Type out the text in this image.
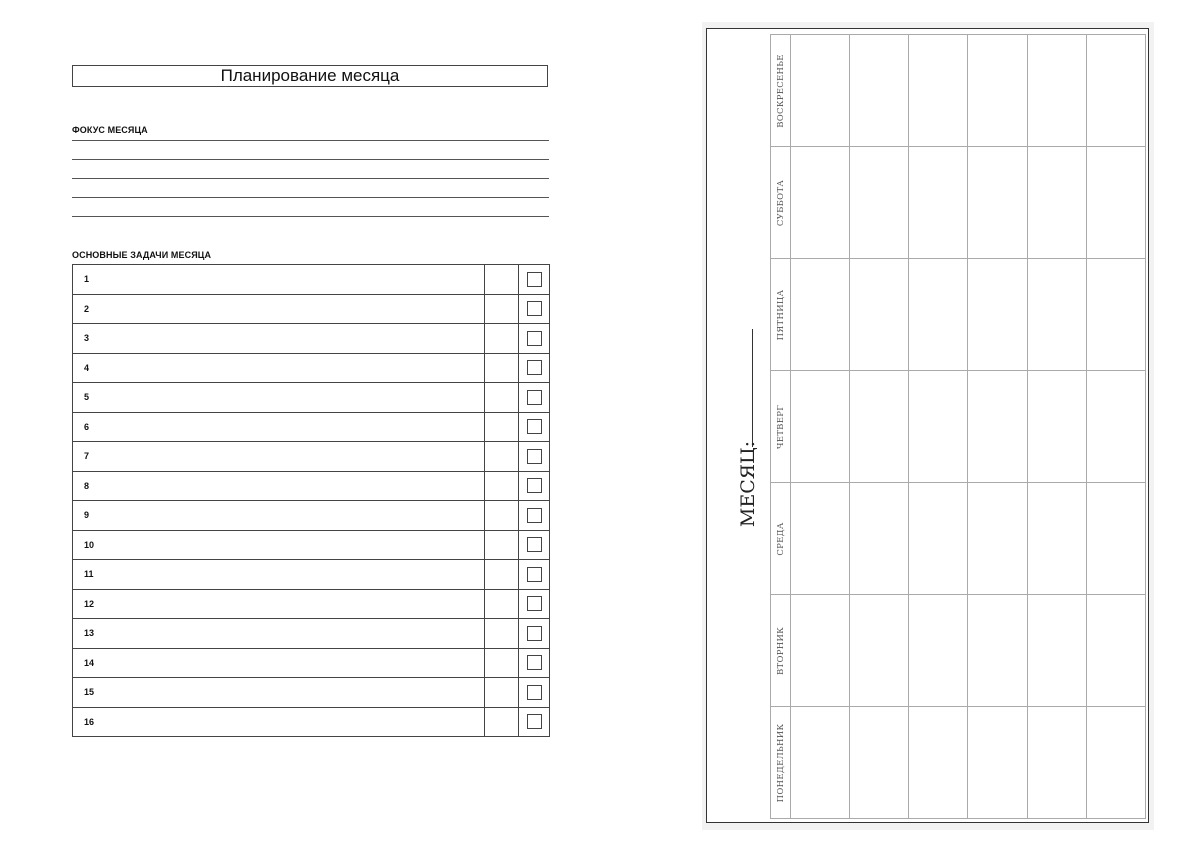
Планирование месяца
ФОКУС МЕСЯЦА
ОСНОВНЫЕ ЗАДАЧИ МЕСЯЦА
1		
2		
3		
4		
5		
6		
7		
8		
9		
10		
11		
12		
13		
14		
15		
16		
МЕСЯЦ:
ВОСКРЕСЕНЬЕ						

СУББОТА						

ПЯТНИЦА						

ЧЕТВЕРГ						

СРЕДА						

ВТОРНИК						

ПОНЕДЕЛЬНИК						
